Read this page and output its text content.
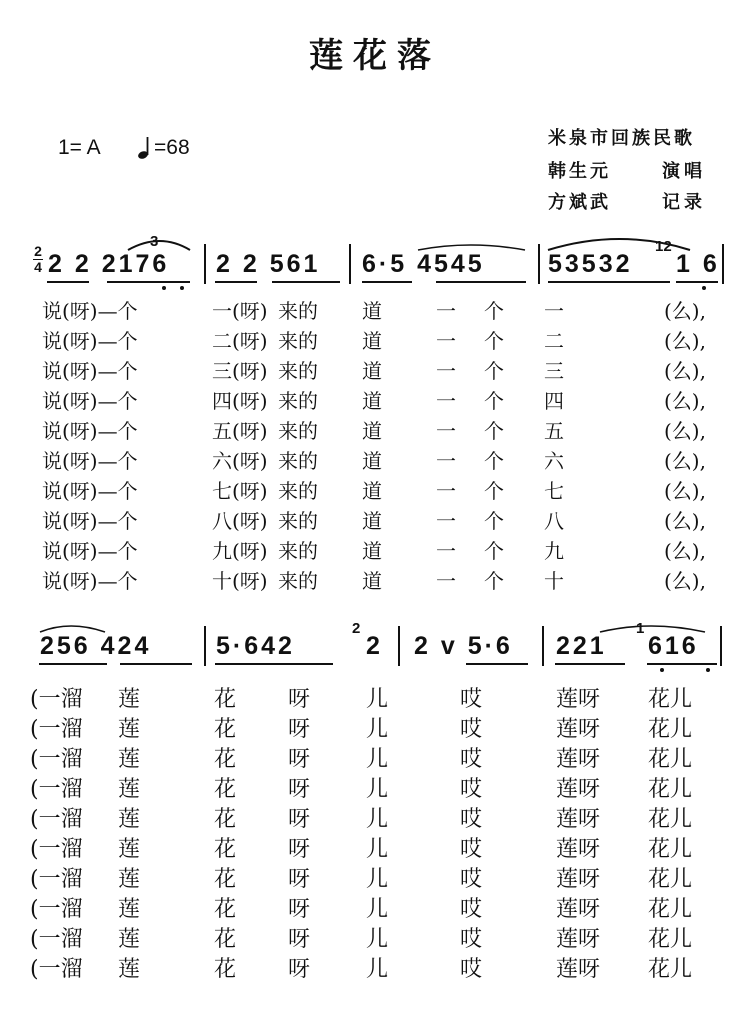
莲花落
1= A	=68	米泉市回族民歌
韩生元	演唱
方斌武	记录
2
4 2 2 2176 2 2 561 6·5 4545	53532 1 6
3	12
说(呀)—个	一(呀) 来的 道	一 个 一	(么),
说(呀)—个	二(呀) 来的 道	一 个 二	(么),
说(呀)—个	三(呀) 来的 道	一 个 三	(么),
说(呀)—个	四(呀) 来的 道	一 个 四	(么),
说(呀)—个	五(呀) 来的 道	一 个 五	(么),
说(呀)—个	六(呀) 来的 道	一 个 六	(么),
说(呀)—个	七(呀) 来的 道	一 个 七	(么),
说(呀)—个	八(呀) 来的 道	一 个 八	(么),
说(呀)—个	九(呀) 来的 道	一 个 九	(么),
说(呀)—个	十(呀) 来的 道	一 个 十	(么),
256 424	5·642
2
2 2 v 5·6 221
1
616
(一溜 莲	花 呀	儿	哎	莲呀 花儿
(一溜 莲	花 呀	儿	哎	莲呀 花儿
(一溜 莲	花 呀	儿	哎	莲呀 花儿
(一溜 莲	花 呀	儿	哎	莲呀 花儿
(一溜 莲	花 呀	儿	哎	莲呀 花儿
(一溜 莲	花 呀	儿	哎	莲呀 花儿
(一溜 莲	花 呀	儿	哎	莲呀 花儿
(一溜 莲	花 呀	儿	哎	莲呀 花儿
(一溜 莲	花 呀	儿	哎	莲呀 花儿
(一溜 莲	花 呀	儿	哎	莲呀 花儿
